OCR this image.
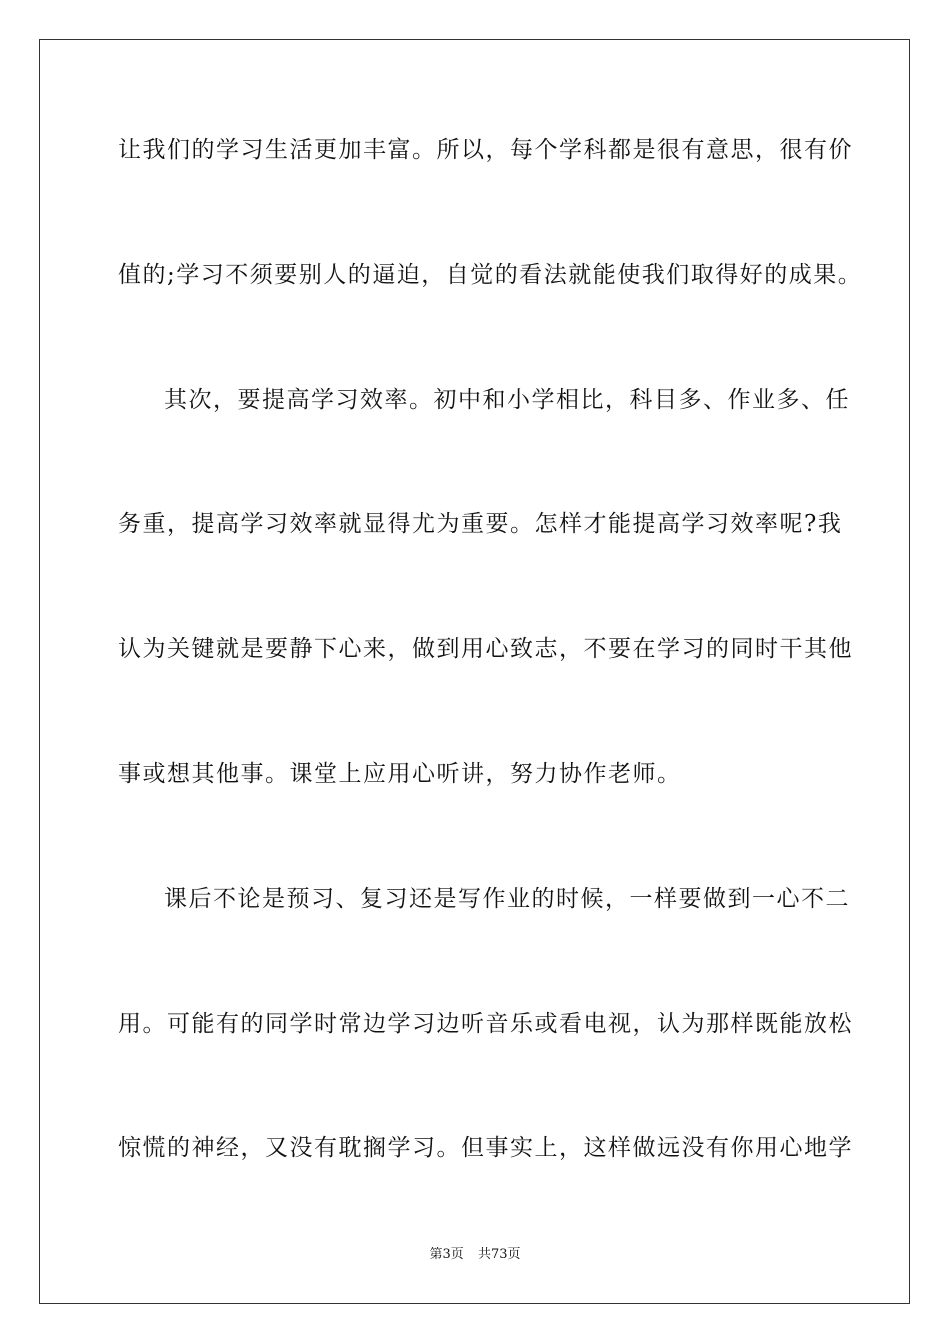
让我们的学习生活更加丰富。所以，每个学科都是很有意思，很有价
值的;学习不须要别人的逼迫，自觉的看法就能使我们取得好的成果。
其次，要提高学习效率。初中和小学相比，科目多、作业多、任
务重，提高学习效率就显得尤为重要。怎样才能提高学习效率呢?我
认为关键就是要静下心来，做到用心致志，不要在学习的同时干其他
事或想其他事。课堂上应用心听讲，努力协作老师。
课后不论是预习、复习还是写作业的时候，一样要做到一心不二
用。可能有的同学时常边学习边听音乐或看电视，认为那样既能放松
惊慌的神经，又没有耽搁学习。但事实上，这样做远没有你用心地学
第3页 共73页
